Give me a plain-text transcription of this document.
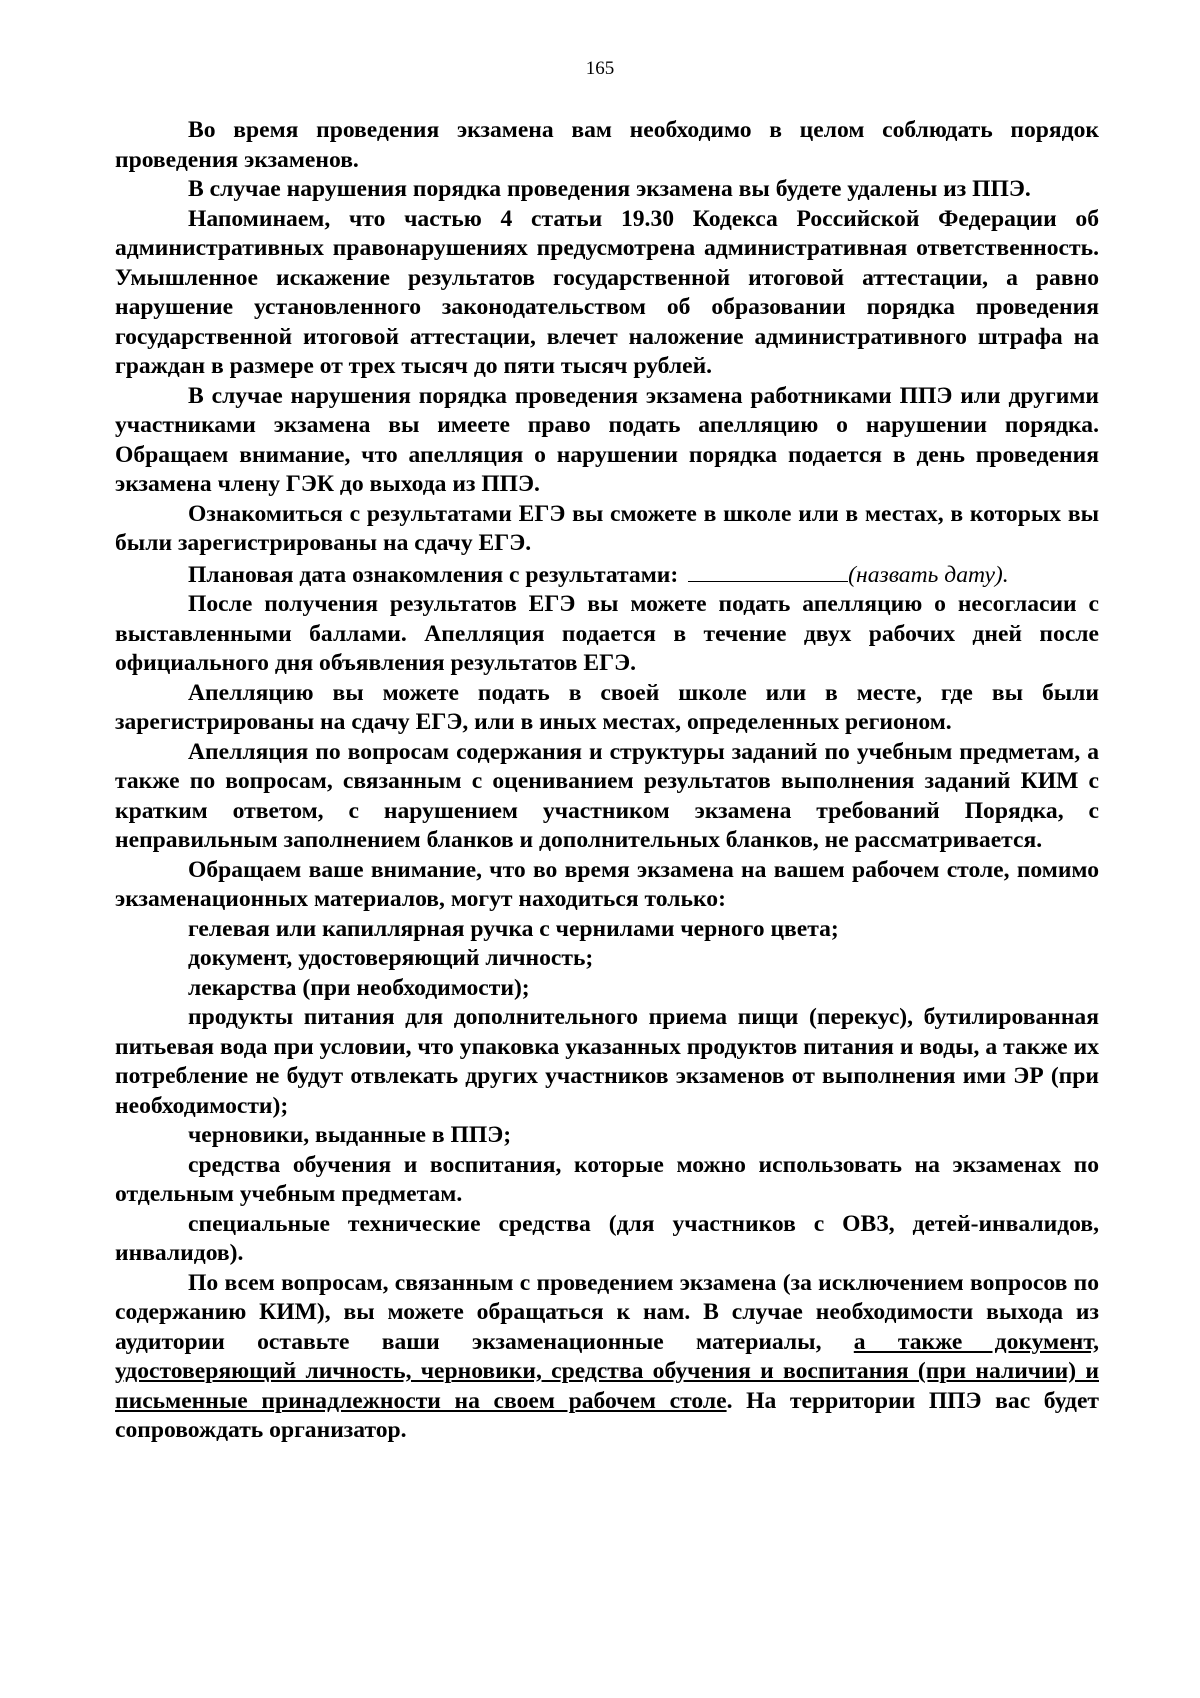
165

Во время проведения экзамена вам необходимо в целом соблюдать порядок проведения экзаменов.

В случае нарушения порядка проведения экзамена вы будете удалены из ППЭ.

Напоминаем, что частью 4 статьи 19.30 Кодекса Российской Федерации об административных правонарушениях предусмотрена административная ответственность. Умышленное искажение результатов государственной итоговой аттестации, а равно нарушение установленного законодательством об образовании порядка проведения государственной итоговой аттестации, влечет наложение административного штрафа на граждан в размере от трех тысяч до пяти тысяч рублей.

В случае нарушения порядка проведения экзамена работниками ППЭ или другими участниками экзамена вы имеете право подать апелляцию о нарушении порядка. Обращаем внимание, что апелляция о нарушении порядка подается в день проведения экзамена члену ГЭК до выхода из ППЭ.

Ознакомиться с результатами ЕГЭ вы сможете в школе или в местах, в которых вы были зарегистрированы на сдачу ЕГЭ.

Плановая дата ознакомления с результатами:	(назвать дату).

После получения результатов ЕГЭ вы можете подать апелляцию о несогласии с выставленными баллами. Апелляция подается в течение двух рабочих дней после официального дня объявления результатов ЕГЭ.

Апелляцию вы можете подать в своей школе или в месте, где вы были зарегистрированы на сдачу ЕГЭ, или в иных местах, определенных регионом.

Апелляция по вопросам содержания и структуры заданий по учебным предметам, а также по вопросам, связанным с оцениванием результатов выполнения заданий КИМ с кратким ответом, с нарушением участником экзамена требований Порядка, с неправильным заполнением бланков и дополнительных бланков, не рассматривается.

Обращаем ваше внимание, что во время экзамена на вашем рабочем столе, помимо экзаменационных материалов, могут находиться только:

гелевая или капиллярная ручка с чернилами черного цвета;

документ, удостоверяющий личность;

лекарства (при необходимости);

продукты питания для дополнительного приема пищи (перекус), бутилированная питьевая вода при условии, что упаковка указанных продуктов питания и воды, а также их потребление не будут отвлекать других участников экзаменов от выполнения ими ЭР (при необходимости);

черновики, выданные в ППЭ;

средства обучения и воспитания, которые можно использовать на экзаменах по отдельным учебным предметам.

специальные технические средства (для участников с ОВЗ, детей-инвалидов, инвалидов).

По всем вопросам, связанным с проведением экзамена (за исключением вопросов по содержанию КИМ), вы можете обращаться к нам. В случае необходимости выхода из аудитории оставьте ваши экзаменационные материалы, а также документ, удостоверяющий личность, черновики, средства обучения и воспитания (при наличии) и письменные принадлежности на своем рабочем столе. На территории ППЭ вас будет сопровождать организатор.
